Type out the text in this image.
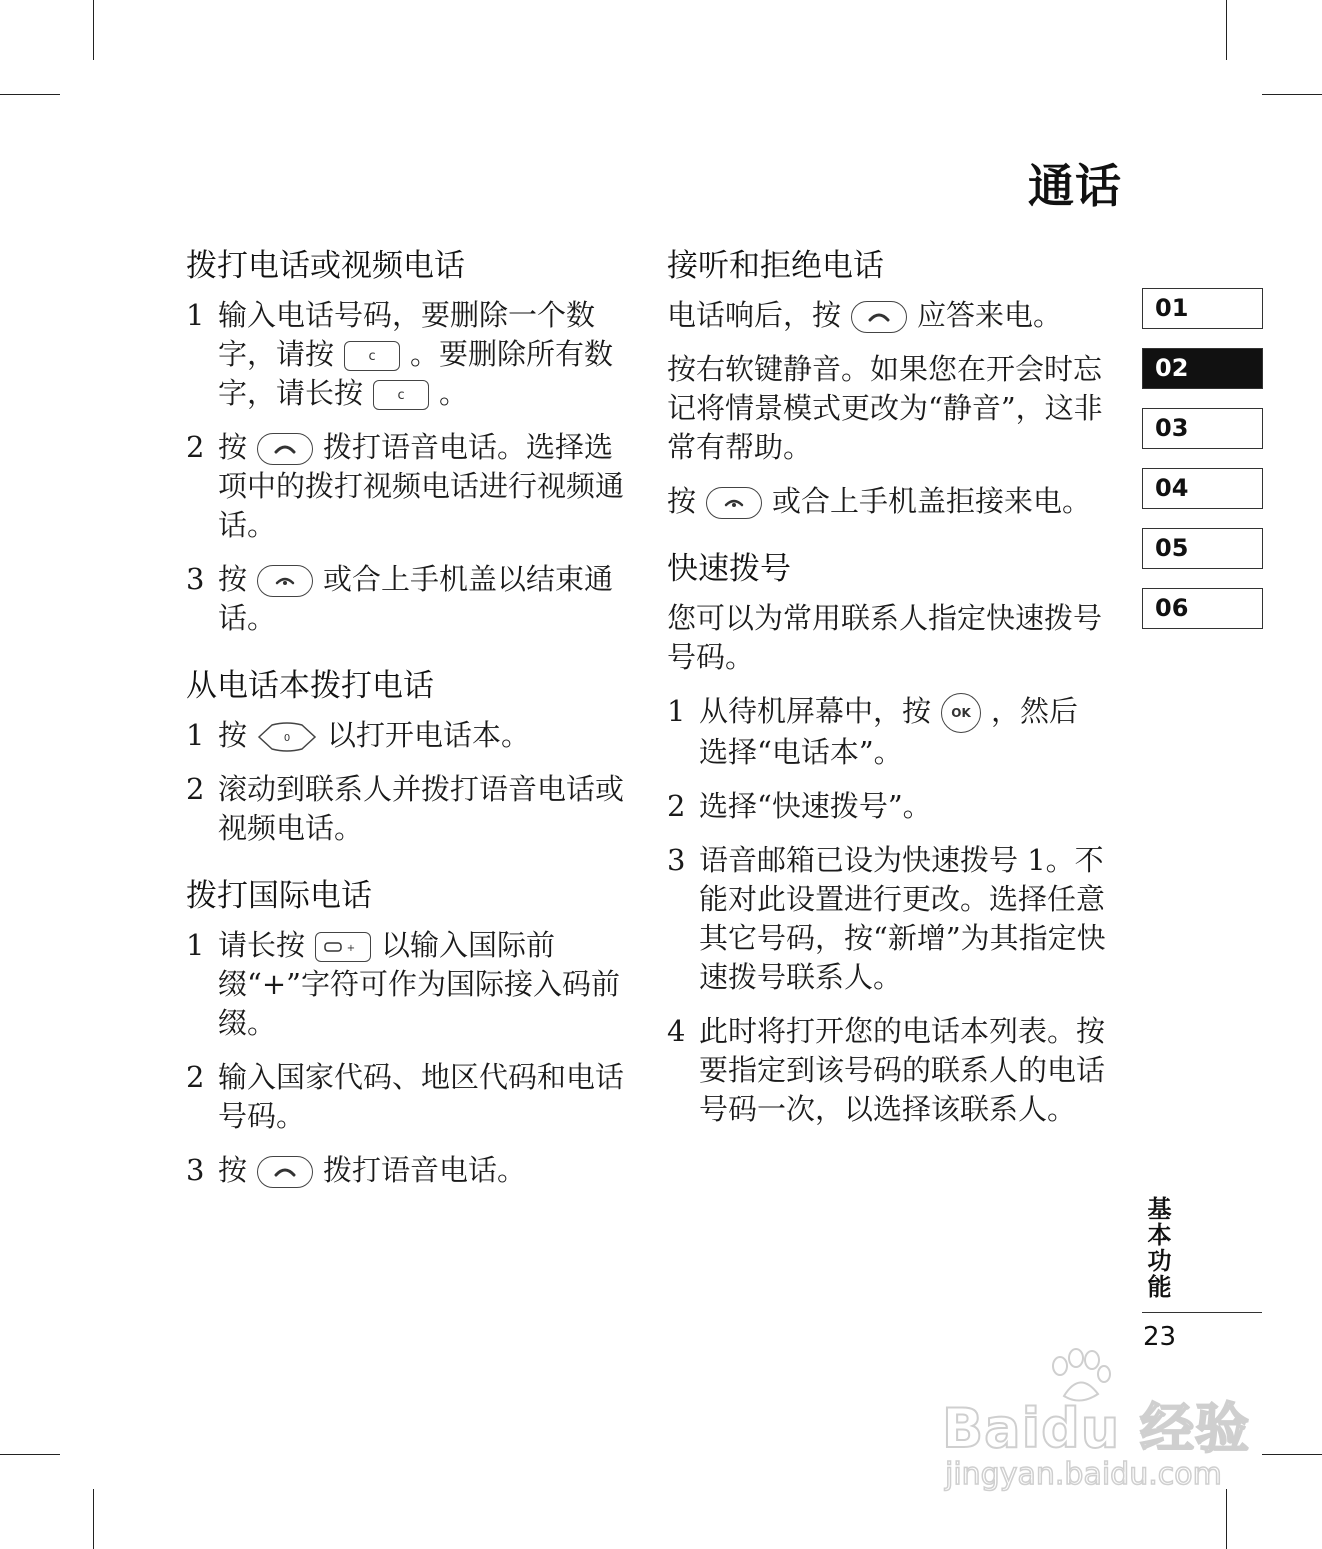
通话
拨打电话或视频电话
1 输入电话号码，要删除一个数字，请按	c 。要删除所有数字，请长按	c 。
2 按	拨打语音电话。选择选项中的拨打视频电话进行视频通话。
3 按	或合上手机盖以结束通话。
从电话本拨打电话
1 按	0 以打开电话本。
2 滚动到联系人并拨打语音电话或视频电话。
拨打国际电话
1 请长按	+ 以输入国际前缀“+”字符可作为国际接入码前缀。
2 输入国家代码、地区代码和电话号码。
3 按	拨打语音电话。
接听和拒绝电话
电话响后，按	应答来电。
按右软键静音。如果您在开会时忘记将情景模式更改为“静音”，这非常有帮助。
按	或合上手机盖拒接来电。
快速拨号
您可以为常用联系人指定快速拨号号码。
1 从待机屏幕中，按 OK ，然后选择“电话本”。
2 选择“快速拨号”。
3 语音邮箱已设为快速拨号 1。不能对此设置进行更改。选择任意其它号码，按“新增”为其指定快速拨号联系人。
4 此时将打开您的电话本列表。按要指定到该号码的联系人的电话号码一次，以选择该联系人。
01
02
03
04
05
06
基本功能
23
Baidu 经验
jingyan.baidu.com
